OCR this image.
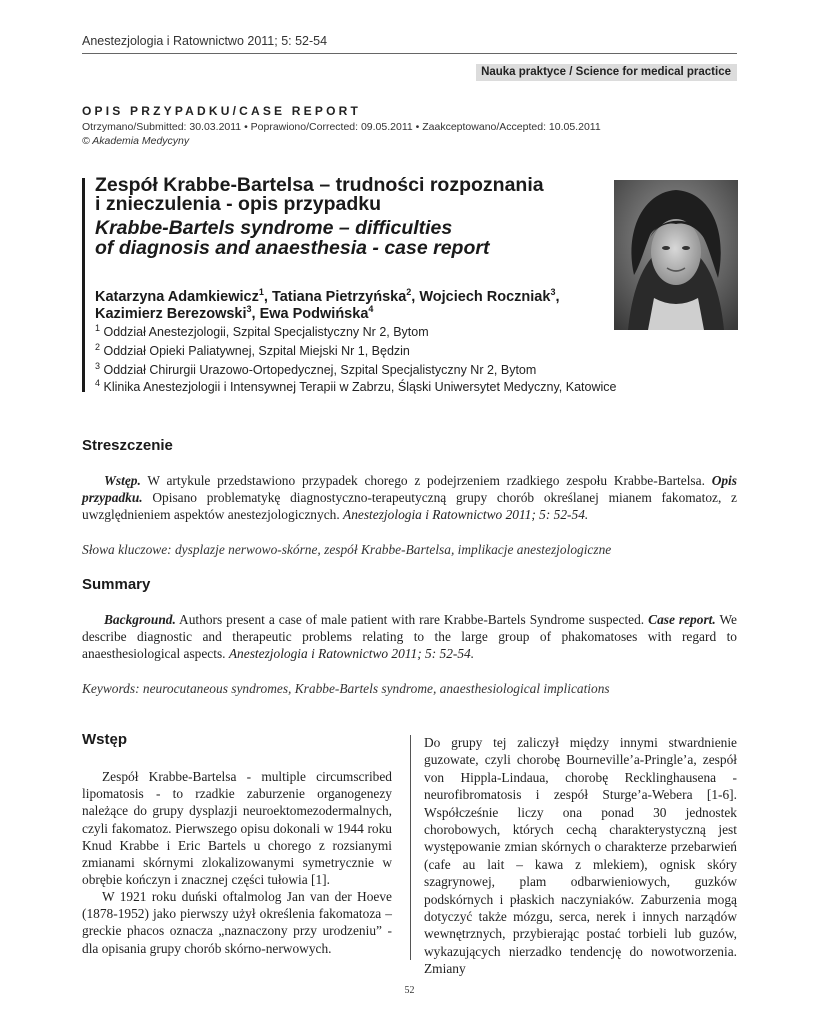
Anestezjologia i Ratownictwo 2011; 5: 52-54
Nauka praktyce / Science for medical practice
OPIS PRZYPADKU/CASE REPORT
Otrzymano/Submitted: 30.03.2011 • Poprawiono/Corrected: 09.05.2011 • Zaakceptowano/Accepted: 10.05.2011
© Akademia Medycyny
Zespół Krabbe-Bartelsa – trudności rozpoznania
i znieczulenia - opis przypadku
Krabbe-Bartels syndrome – difficulties
of diagnosis and anaesthesia - case report
Katarzyna Adamkiewicz$^1$, Tatiana Pietrzyńska$^2$, Wojciech Roczniak$^3$,
Kazimierz Berezowski$^3$, Ewa Podwińska$^4$
$^1$ Oddział Anestezjologii, Szpital Specjalistyczny Nr 2, Bytom
$^2$ Oddział Opieki Paliatywnej, Szpital Miejski Nr 1, Będzin
$^3$ Oddział Chirurgii Urazowo-Ortopedycznej, Szpital Specjalistyczny Nr 2, Bytom
$^4$ Klinika Anestezjologii i Intensywnej Terapii w Zabrzu, Śląski Uniwersytet Medyczny, Katowice
Streszczenie
Wstęp. W artykule przedstawiono przypadek chorego z podejrzeniem rzadkiego zespołu Krabbe-Bartelsa. Opis przypadku. Opisano problematykę diagnostyczno-terapeutyczną grupy chorób określanej mianem fakomatoz, z uwzględnieniem aspektów anestezjologicznych. Anestezjologia i Ratownictwo 2011; 5: 52-54.
Słowa kluczowe: dysplazje nerwowo-skórne, zespół Krabbe-Bartelsa, implikacje anestezjologiczne
Summary
Background. Authors present a case of male patient with rare Krabbe-Bartels Syndrome suspected. Case report. We describe diagnostic and therapeutic problems relating to the large group of phakomatoses with regard to anaesthesiological aspects. Anestezjologia i Ratownictwo 2011; 5: 52-54.
Keywords: neurocutaneous syndromes, Krabbe-Bartels syndrome, anaesthesiological implications
Wstęp
Zespół Krabbe-Bartelsa - multiple circumscribed lipomatosis - to rzadkie zaburzenie organogenezy należące do grupy dysplazji neuroektomezodermalnych, czyli fakomatoz. Pierwszego opisu dokonali w 1944 roku Knud Krabbe i Eric Bartels u chorego z rozsianymi zmianami skórnymi zlokalizowanymi symetrycznie w obrębie kończyn i znacznej części tułowia [1].
W 1921 roku duński oftalmolog Jan van der Hoeve (1878-1952) jako pierwszy użył określenia fakomatoza – greckie phacos oznacza „naznaczony przy urodzeniu” - dla opisania grupy chorób skórno-nerwowych.
Do grupy tej zaliczył między innymi stwardnienie guzowate, czyli chorobę Bourneville’a-Pringle’a, zespół von Hippla-Lindaua, chorobę Recklinghausena - neurofibromatosis i zespół Sturge’a-Webera [1-6]. Współcześnie liczy ona ponad 30 jednostek chorobowych, których cechą charakterystyczną jest występowanie zmian skórnych o charakterze przebarwień (cafe au lait – kawa z mlekiem), ognisk skóry szagrynowej, plam odbarwieniowych, guzków podskórnych i płaskich naczyniaków. Zaburzenia mogą dotyczyć także mózgu, serca, nerek i innych narządów wewnętrznych, przybierając postać torbieli lub guzów, wykazujących nierzadko tendencję do nowotworzenia. Zmiany
52
